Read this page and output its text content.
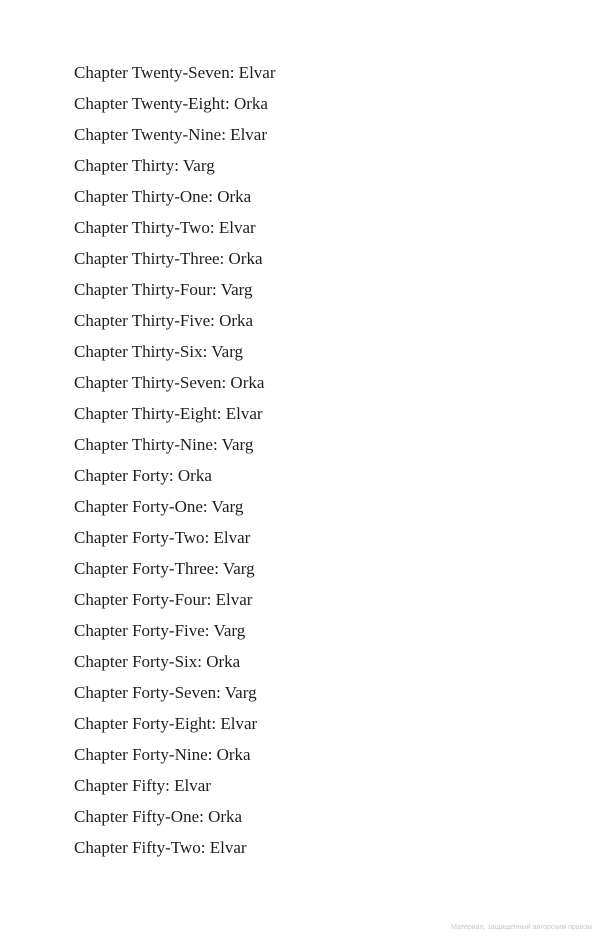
Chapter Twenty-Seven: Elvar
Chapter Twenty-Eight: Orka
Chapter Twenty-Nine: Elvar
Chapter Thirty: Varg
Chapter Thirty-One: Orka
Chapter Thirty-Two: Elvar
Chapter Thirty-Three: Orka
Chapter Thirty-Four: Varg
Chapter Thirty-Five: Orka
Chapter Thirty-Six: Varg
Chapter Thirty-Seven: Orka
Chapter Thirty-Eight: Elvar
Chapter Thirty-Nine: Varg
Chapter Forty: Orka
Chapter Forty-One: Varg
Chapter Forty-Two: Elvar
Chapter Forty-Three: Varg
Chapter Forty-Four: Elvar
Chapter Forty-Five: Varg
Chapter Forty-Six: Orka
Chapter Forty-Seven: Varg
Chapter Forty-Eight: Elvar
Chapter Forty-Nine: Orka
Chapter Fifty: Elvar
Chapter Fifty-One: Orka
Chapter Fifty-Two: Elvar
Материал, защищенный авторским правом
